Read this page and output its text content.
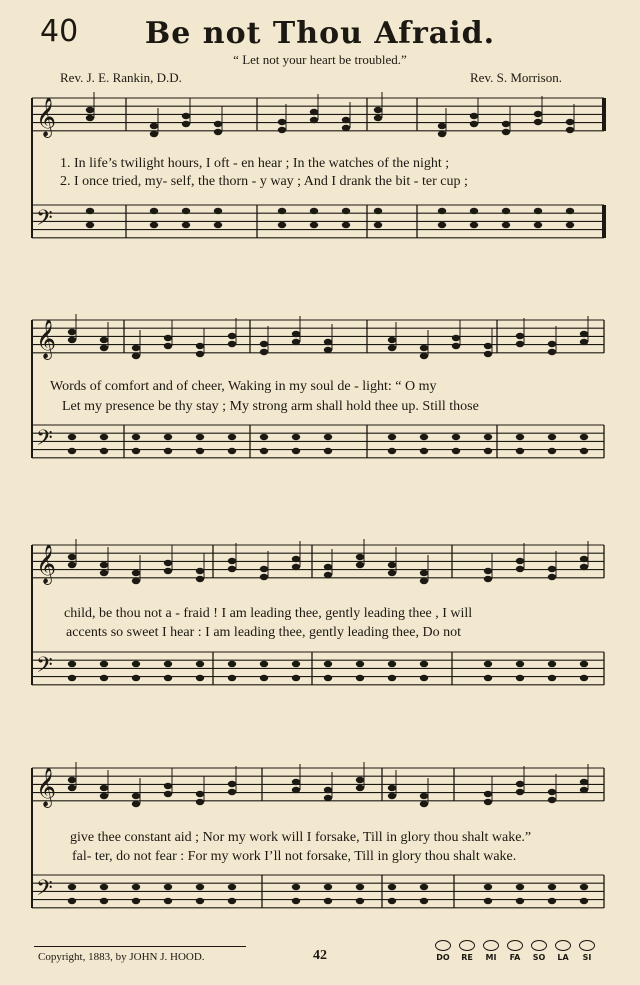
40	Be not Thou Afraid.
“ Let not your heart be troubled.”
Rev. J. E. Rankin, D.D.	Rev. S. Morrison.
𝄞
𝄢
𝄞
𝄢
𝄞
𝄢
𝄞
𝄢
1. In life’s twilight hours, I oft - en hear ; In the watches of the night ;
2. I once tried, my- self, the thorn - y way ; And I drank the bit - ter cup ;
Words of comfort and of cheer, Waking in my soul de - light: “ O my
Let my presence be thy stay ; My strong arm shall hold thee up. Still those
child, be thou not a - fraid ! I am leading thee, gently leading thee , I will
accents so sweet I hear : I am leading thee, gently leading thee, Do not
give thee constant aid ; Nor my work will I forsake, Till in glory thou shalt wake.”
fal- ter, do not fear : For my work I’ll not forsake, Till in glory thou shalt wake.
Copyright, 1883, by JOHN J. HOOD.	42	DO	RE	MI	FA	SO	LA	SI
